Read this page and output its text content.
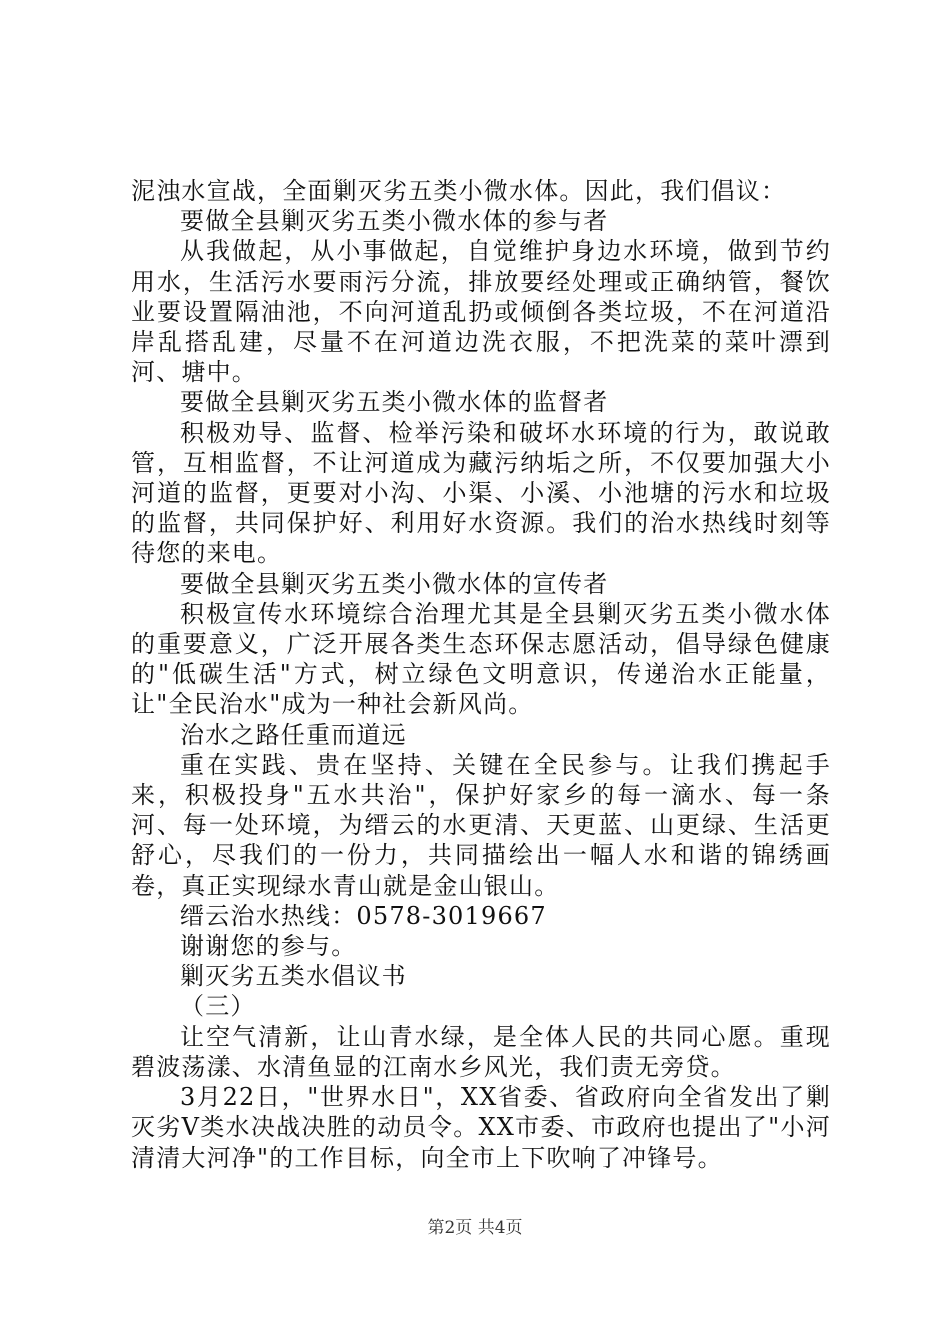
泥浊水宣战，全面剿灭劣五类小微水体。因此，我们倡议：

要做全县剿灭劣五类小微水体的参与者

从我做起，从小事做起，自觉维护身边水环境，做到节约用水，生活污水要雨污分流，排放要经处理或正确纳管，餐饮业要设置隔油池，不向河道乱扔或倾倒各类垃圾，不在河道沿岸乱搭乱建，尽量不在河道边洗衣服，不把洗菜的菜叶漂到河、塘中。

要做全县剿灭劣五类小微水体的监督者

积极劝导、监督、检举污染和破坏水环境的行为，敢说敢管，互相监督，不让河道成为藏污纳垢之所，不仅要加强大小河道的监督，更要对小沟、小渠、小溪、小池塘的污水和垃圾的监督，共同保护好、利用好水资源。我们的治水热线时刻等待您的来电。

要做全县剿灭劣五类小微水体的宣传者

积极宣传水环境综合治理尤其是全县剿灭劣五类小微水体的重要意义，广泛开展各类生态环保志愿活动，倡导绿色健康的"低碳生活"方式，树立绿色文明意识，传递治水正能量，让"全民治水"成为一种社会新风尚。

治水之路任重而道远

重在实践、贵在坚持、关键在全民参与。让我们携起手来，积极投身"五水共治"，保护好家乡的每一滴水、每一条河、每一处环境，为缙云的水更清、天更蓝、山更绿、生活更舒心，尽我们的一份力，共同描绘出一幅人水和谐的锦绣画卷，真正实现绿水青山就是金山银山。

缙云治水热线：0578-3019667

谢谢您的参与。

剿灭劣五类水倡议书

（三）

让空气清新，让山青水绿，是全体人民的共同心愿。重现碧波荡漾、水清鱼显的江南水乡风光，我们责无旁贷。

3月22日，"世界水日"，XX省委、省政府向全省发出了剿灭劣Ⅴ类水决战决胜的动员令。XX市委、市政府也提出了"小河清清大河净"的工作目标，向全市上下吹响了冲锋号。

第2页 共4页
